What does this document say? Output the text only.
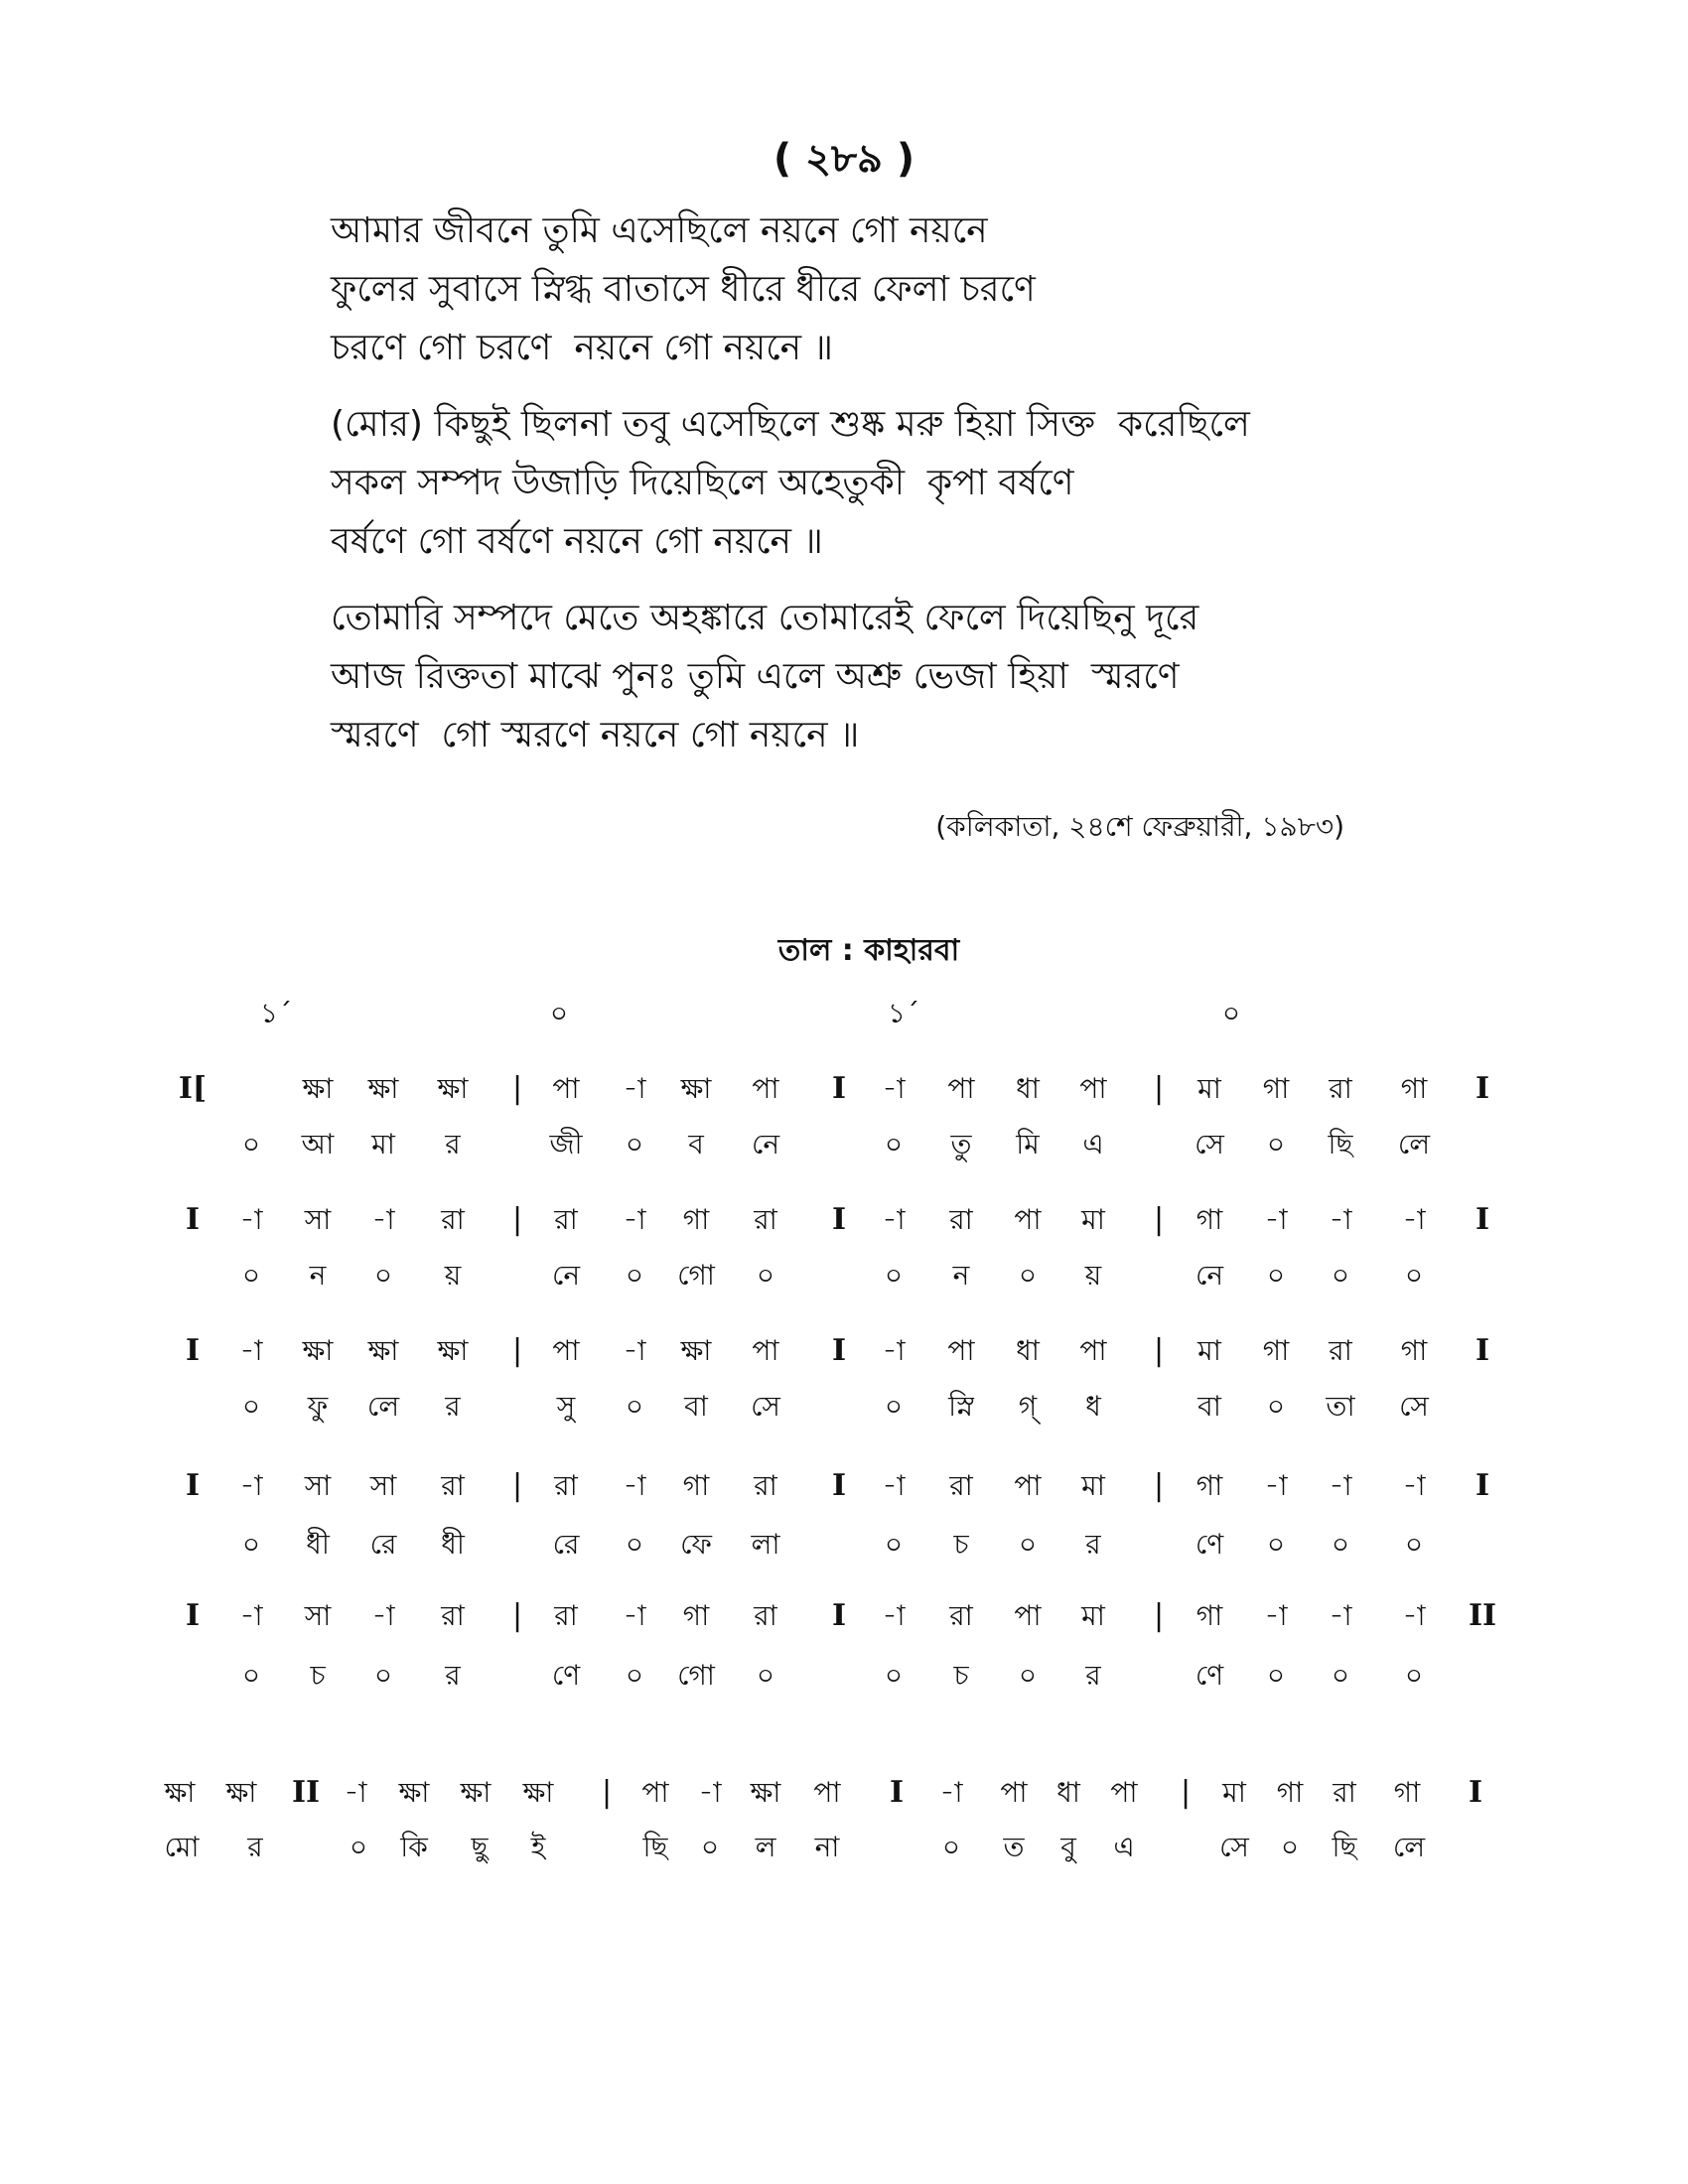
( ২৮৯ )
আমার জীবনে তুমি এসেছিলে নয়নে গো নয়নে
ফুলের সুবাসে স্নিগ্ধ বাতাসে ধীরে ধীরে ফেলা চরণে
চরণে গো চরণে  নয়নে গো নয়নে ॥
(মোর) কিছুই ছিলনা তবু এসেছিলে শুষ্ক মরু হিয়া সিক্ত  করেছিলে
সকল সম্পদ উজাড়ি দিয়েছিলে অহেতুকী  কৃপা বর্ষণে
বর্ষণে গো বর্ষণে নয়নে গো নয়নে ॥
তোমারি সম্পদে মেতে অহঙ্কারে তোমারেই ফেলে দিয়েছিনু দূরে
আজ রিক্ততা মাঝে পুনঃ তুমি এলে অশ্রু ভেজা হিয়া  স্মরণে
স্মরণে  গো স্মরণে নয়নে গো নয়নে ॥
(কলিকাতা, ২৪শে ফেব্রুয়ারী, ১৯৮৩)
তাল : কাহারবা
১´	০	১´	০
I[	ক্ষা ক্ষা ক্ষা | পা -া ক্ষা পা I -া পা ধা পা | মা গা রা গা I
০ আ মা র	জী ০ ব নে	০ তু মি এ	সে ০ ছি লে
I -া সা -া রা | রা -া গা রা I -া রা পা মা | গা -া -া -া I
০ ন ০ য়	নে ০ গো ০	০ ন ০ য়	নে ০ ০ ০
I -া ক্ষা ক্ষা ক্ষা | পা -া ক্ষা পা I -া পা ধা পা | মা গা রা গা I
০ ফু লে র	সু ০ বা সে	০ স্নি গ্ ধ	বা ০ তা সে
I -া সা সা রা | রা -া গা রা I -া রা পা মা | গা -া -া -া I
০ ধী রে ধী	রে ০ ফে লা	০ চ ০ র	ণে ০ ০ ০
I -া সা -া রা | রা -া গা রা I -া রা পা মা | গা -া -া -া II
০ চ ০ র	ণে ০ গো ০	০ চ ০ র	ণে ০ ০ ০
ক্ষা ক্ষা II -া ক্ষা ক্ষা ক্ষা | পা -া ক্ষা পা I -া পা ধা পা | মা গা রা গা I
মো র	০ কি ছু ই	ছি ০ ল না	০ ত বু এ	সে ০ ছি লে
